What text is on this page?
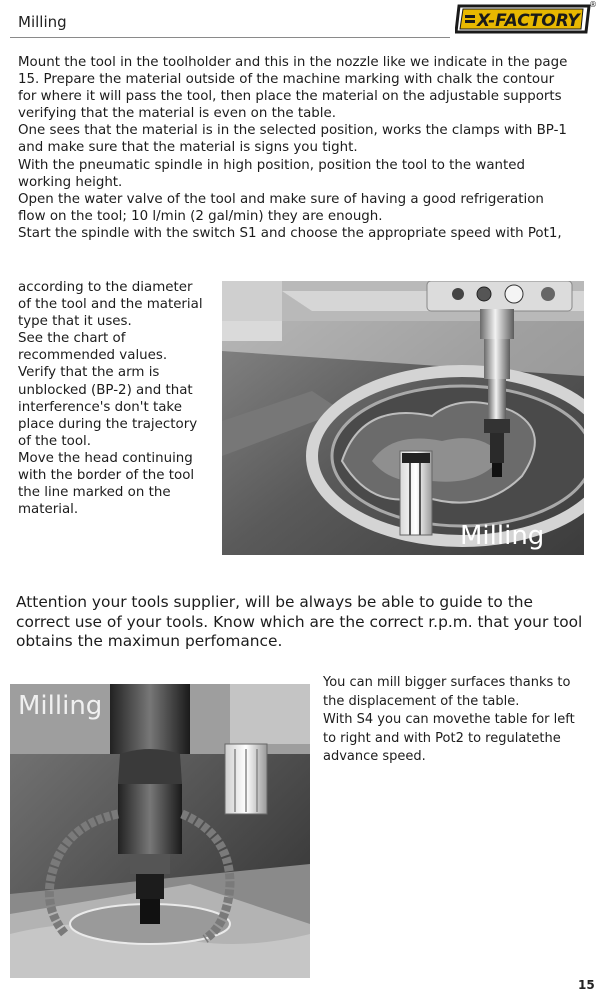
Milling	X-FACTORY
®
Mount the tool in the toolholder and this in the nozzle like we indicate in the page
15. Prepare the material outside of the machine marking with chalk the contour
for where it will pass the tool, then place the material on the adjustable supports
verifying that the material is even on the table.
One sees that the material is in the selected position, works the clamps with BP-1
and make sure that the material is signs you tight.
With the pneumatic spindle in high position, position the tool to the wanted
working height.
Open the water valve of the tool and make sure of having a good refrigeration
flow on the tool; 10 l/min (2 gal/min) they are enough.
Start the spindle with the switch S1 and choose the appropriate speed with Pot1,
according to the diameter
of the tool and the material
type that it uses.
See the chart of
recommended values.
Verify that the arm is
unblocked (BP-2) and that
interference's don't take
place during the trajectory
of the tool.
Move the head continuing
with the border of the tool
the line marked on the
material.
Milling
Attention your tools supplier, will be always be able to guide to the
correct use of your tools. Know which are the correct r.p.m. that your tool
obtains the maximun perfomance.
Milling
You can mill bigger surfaces thanks to
the displacement of the table.
With S4 you can movethe table for left
to right and with Pot2 to regulatethe
advance speed.
15
